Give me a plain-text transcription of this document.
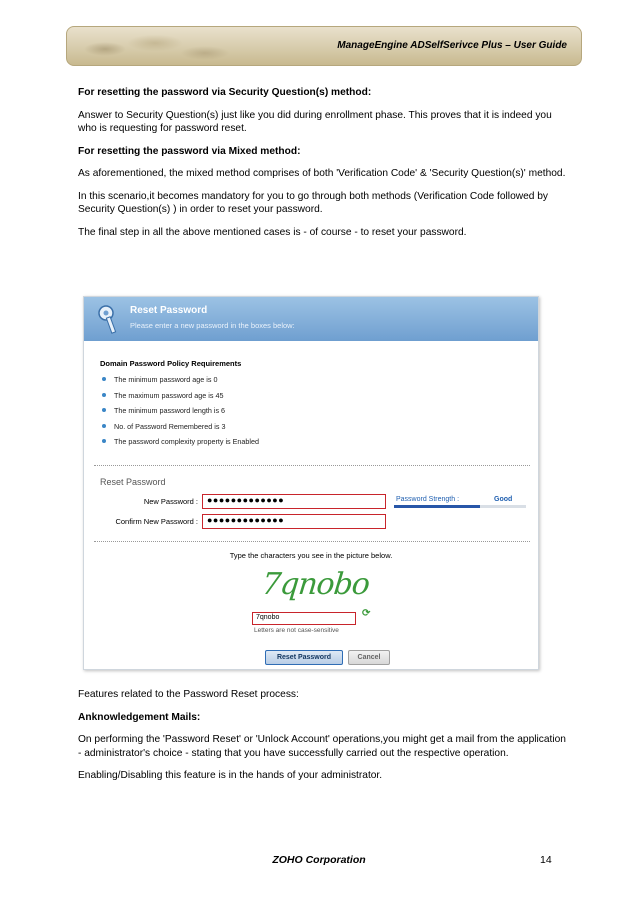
ManageEngine ADSelfSerivce Plus – User Guide

For resetting the password via Security Question(s) method:

Answer to Security Question(s) just like you did during enrollment phase. This proves that it is indeed you who is requesting for password reset.

For resetting the password via Mixed method:

As aforementioned, the mixed method comprises of both 'Verification Code' & 'Security Question(s)' method.

In this scenario,it becomes mandatory for you to go through both methods (Verification Code followed by Security Question(s) ) in order to reset your password.

The final step in all the above mentioned cases is - of course - to reset your password.

Reset Password
Please enter a new password in the boxes below:
Domain Password Policy Requirements
The minimum password age is 0
The maximum password age is 45
The minimum password length is 6
No. of Password Remembered is 3
The password complexity property is Enabled
Reset Password
New Password :	●●●●●●●●●●●●●
Confirm New Password :	●●●●●●●●●●●●●
Password Strength :	Good
Type the characters you see in the picture below.
7qnobo
7qnobo	⟳
Letters are not case-sensitive
Reset Password	Cancel

Features related to the Password Reset process:

Anknowledgement Mails:

On performing the 'Password Reset' or 'Unlock Account' operations,you might get a mail from the application - administrator's choice - stating that you have successfully carried out the respective operation.

Enabling/Disabling this feature is in the hands of your administrator.

ZOHO Corporation	14
